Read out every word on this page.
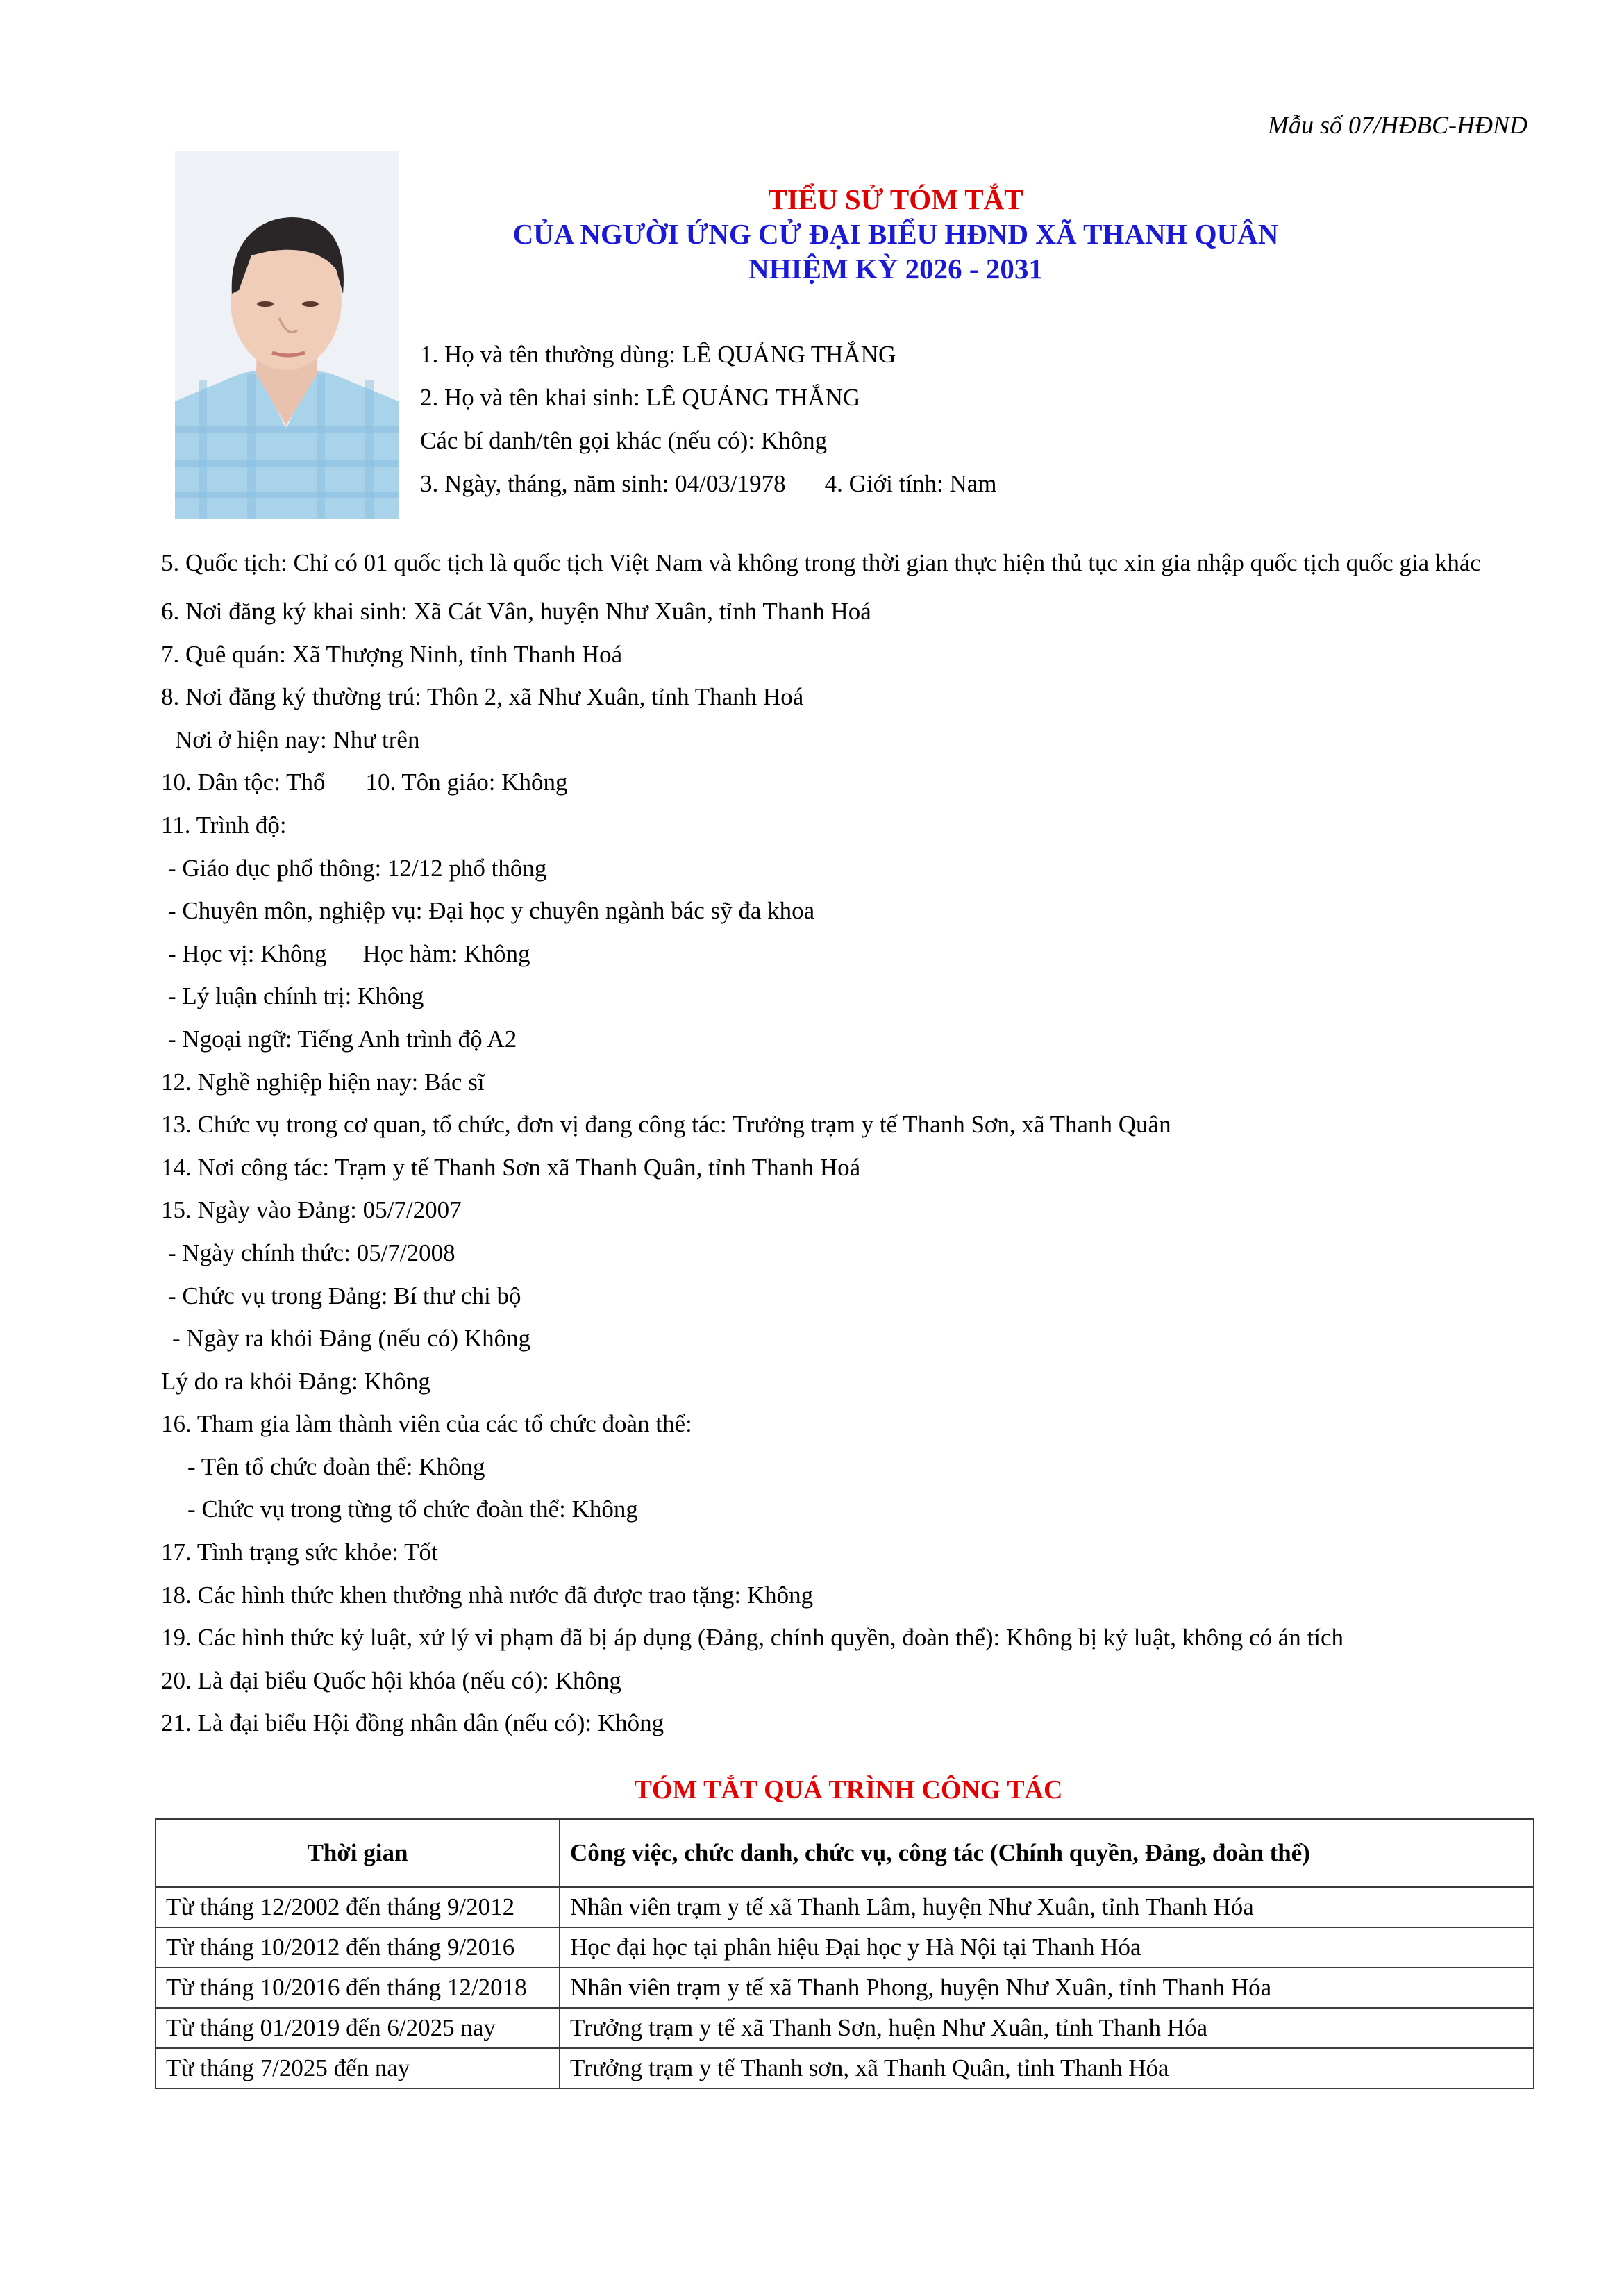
Mẫu số 07/HĐBC-HĐND
TIỂU SỬ TÓM TẮT
CỦA NGƯỜI ỨNG CỬ ĐẠI BIỂU HĐND XÃ THANH QUÂN
NHIỆM KỲ 2026 - 2031
1. Họ và tên thường dùng: LÊ QUẢNG THẮNG
2. Họ và tên khai sinh: LÊ QUẢNG THẮNG
Các bí danh/tên gọi khác (nếu có): Không
3. Ngày, tháng, năm sinh: 04/03/1978 4. Giới tính: Nam
5. Quốc tịch: Chỉ có 01 quốc tịch là quốc tịch Việt Nam và không trong thời gian thực hiện thủ tục xin gia nhập quốc tịch quốc gia khác
6. Nơi đăng ký khai sinh: Xã Cát Vân, huyện Như Xuân, tỉnh Thanh Hoá
7. Quê quán: Xã Thượng Ninh, tỉnh Thanh Hoá
8. Nơi đăng ký thường trú: Thôn 2, xã Như Xuân, tỉnh Thanh Hoá
Nơi ở hiện nay: Như trên
10. Dân tộc: Thổ 10. Tôn giáo: Không
11. Trình độ:
- Giáo dục phổ thông: 12/12 phổ thông
- Chuyên môn, nghiệp vụ: Đại học y chuyên ngành bác sỹ đa khoa
- Học vị: Không Học hàm: Không
- Lý luận chính trị: Không
- Ngoại ngữ: Tiếng Anh trình độ A2
12. Nghề nghiệp hiện nay: Bác sĩ
13. Chức vụ trong cơ quan, tổ chức, đơn vị đang công tác: Trưởng trạm y tế Thanh Sơn, xã Thanh Quân
14. Nơi công tác: Trạm y tế Thanh Sơn xã Thanh Quân, tỉnh Thanh Hoá
15. Ngày vào Đảng: 05/7/2007
- Ngày chính thức: 05/7/2008
- Chức vụ trong Đảng: Bí thư chi bộ
- Ngày ra khỏi Đảng (nếu có) Không
Lý do ra khỏi Đảng: Không
16. Tham gia làm thành viên của các tổ chức đoàn thể:
- Tên tổ chức đoàn thể: Không
- Chức vụ trong từng tổ chức đoàn thể: Không
17. Tình trạng sức khỏe: Tốt
18. Các hình thức khen thưởng nhà nước đã được trao tặng: Không
19. Các hình thức kỷ luật, xử lý vi phạm đã bị áp dụng (Đảng, chính quyền, đoàn thể): Không bị kỷ luật, không có án tích
20. Là đại biểu Quốc hội khóa (nếu có): Không
21. Là đại biểu Hội đồng nhân dân (nếu có): Không
TÓM TẮT QUÁ TRÌNH CÔNG TÁC
Thời gian	Công việc, chức danh, chức vụ, công tác (Chính quyền, Đảng, đoàn thể)
Từ tháng 12/2002 đến tháng 9/2012	Nhân viên trạm y tế xã Thanh Lâm, huyện Như Xuân, tỉnh Thanh Hóa
Từ tháng 10/2012 đến tháng 9/2016	Học đại học tại phân hiệu Đại học y Hà Nội tại Thanh Hóa
Từ tháng 10/2016 đến tháng 12/2018	Nhân viên trạm y tế xã Thanh Phong, huyện Như Xuân, tỉnh Thanh Hóa
Từ tháng 01/2019 đến 6/2025 nay	Trưởng trạm y tế xã Thanh Sơn, huện Như Xuân, tỉnh Thanh Hóa
Từ tháng 7/2025 đến nay	Trưởng trạm y tế Thanh sơn, xã Thanh Quân, tỉnh Thanh Hóa
